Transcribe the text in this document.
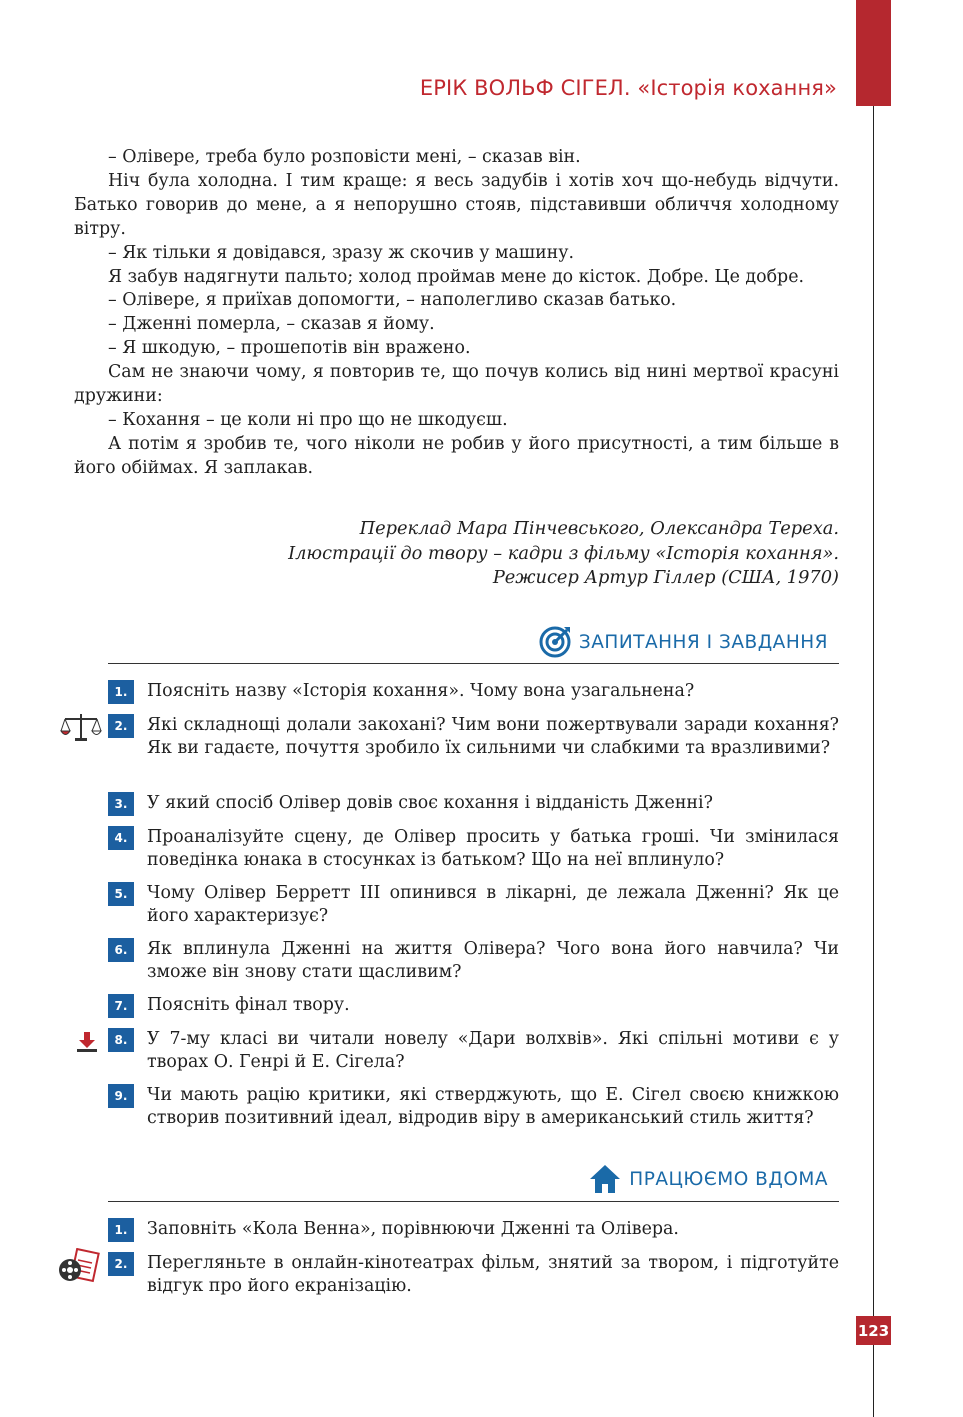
ЕРІК ВОЛЬФ СІГЕЛ. «Історія кохання»

– Олівере, треба було розповісти мені, – сказав він.

Ніч була холодна. І тим краще: я весь задубів і хотів хоч що-небудь відчути. Батько говорив до мене, а я непорушно стояв, підставивши обличчя холодному вітру.

– Як тільки я довідався, зразу ж скочив у машину.

Я забув надягнути пальто; холод проймав мене до кісток. Добре. Це добре.

– Олівере, я приїхав допомогти, – наполегливо сказав батько.

– Дженні померла, – сказав я йому.

– Я шкодую, – прошепотів він вражено.

Сам не знаючи чому, я повторив те, що почув колись від нині мертвої красуні дружини:

– Кохання – це коли ні про що не шкодуєш.

А потім я зробив те, чого ніколи не робив у його присутності, а тим більше в його обіймах. Я заплакав.

Переклад Мара Пінчевського, Олександра Тереха.
Ілюстрації до твору – кадри з фільму «Історія кохання».
Режисер Артур Гіллер (США, 1970)
ЗАПИТАННЯ І ЗАВДАННЯ
1.	Поясніть назву «Історія кохання». Чому вона узагальнена?
2.	Які складнощі долали закохані? Чим вони пожертвували заради кохання? Як ви гадаєте, почуття зробило їх сильними чи слабкими та вразливими?
3.	У який спосіб Олівер довів своє кохання і відданість Дженні?
4.	Проаналізуйте сцену, де Олівер просить у батька гроші. Чи змінилася поведінка юнака в стосунках із батьком? Що на неї вплинуло?
5.	Чому Олівер Берретт ІІІ опинився в лікарні, де лежала Дженні? Як це його характеризує?
6.	Як вплинула Дженні на життя Олівера? Чого вона його навчила? Чи зможе він знову стати щасливим?
7.	Поясніть фінал твору.
8.	У 7-му класі ви читали новелу «Дари волхвів». Які спільні мотиви є у творах О. Генрі й Е. Сігела?
9.	Чи мають рацію критики, які стверджують, що Е. Сігел своєю книжкою створив позитивний ідеал, відродив віру в американський стиль життя?
ПРАЦЮЄМО ВДОМА
1.	Заповніть «Кола Венна», порівнюючи Дженні та Олівера.
2.	Перегляньте в онлайн-кінотеатрах фільм, знятий за твором, і підготуйте відгук про його екранізацію.
123
